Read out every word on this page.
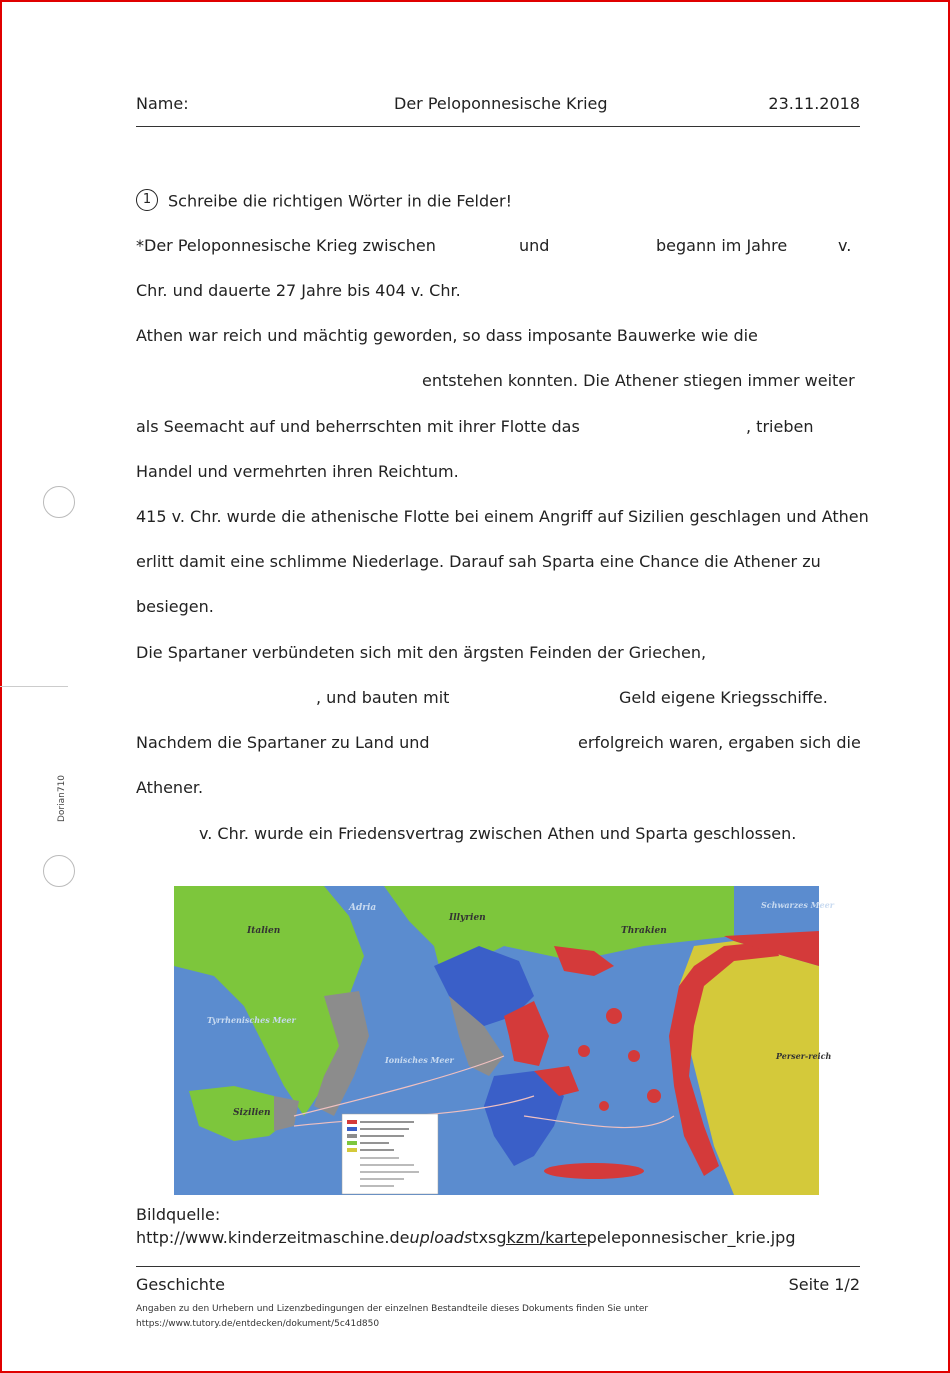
Name:	Der Peloponnesische Krieg	23.11.2018
1 Schreibe die richtigen Wörter in die Felder!
*Der Peloponnesische Krieg zwischen	und	begann im Jahre	v.
Chr. und dauerte 27 Jahre bis 404 v. Chr.
Athen war reich und mächtig geworden, so dass imposante Bauwerke wie die
entstehen konnten. Die Athener stiegen immer weiter
als Seemacht auf und beherrschten mit ihrer Flotte das	, trieben
Handel und vermehrten ihren Reichtum.
415 v. Chr. wurde die athenische Flotte bei einem Angriff auf Sizilien geschlagen und Athen
erlitt damit eine schlimme Niederlage. Darauf sah Sparta eine Chance die Athener zu
besiegen.
Die Spartaner verbündeten sich mit den ärgsten Feinden der Griechen,
, und bauten mit	Geld eigene Kriegsschiffe.
Nachdem die Spartaner zu Land und	erfolgreich waren, ergaben sich die
Athener.
v. Chr. wurde ein Friedensvertrag zwischen Athen und Sparta geschlossen.
Dorian710
Adria
Illyrien
Italien	Thrakien
Schwarzes Meer
Tyrrhenisches Meer
Ionisches Meer	Perser-reich
Sizilien
Bildquelle:
http://www.kinderzeitmaschine.deuploadstxsgkzm/kartepeleponnesischer_krie.jpg
Geschichte	Seite 1/2
Angaben zu den Urhebern und Lizenzbedingungen der einzelnen Bestandteile dieses Dokuments finden Sie unter
https://www.tutory.de/entdecken/dokument/5c41d850
